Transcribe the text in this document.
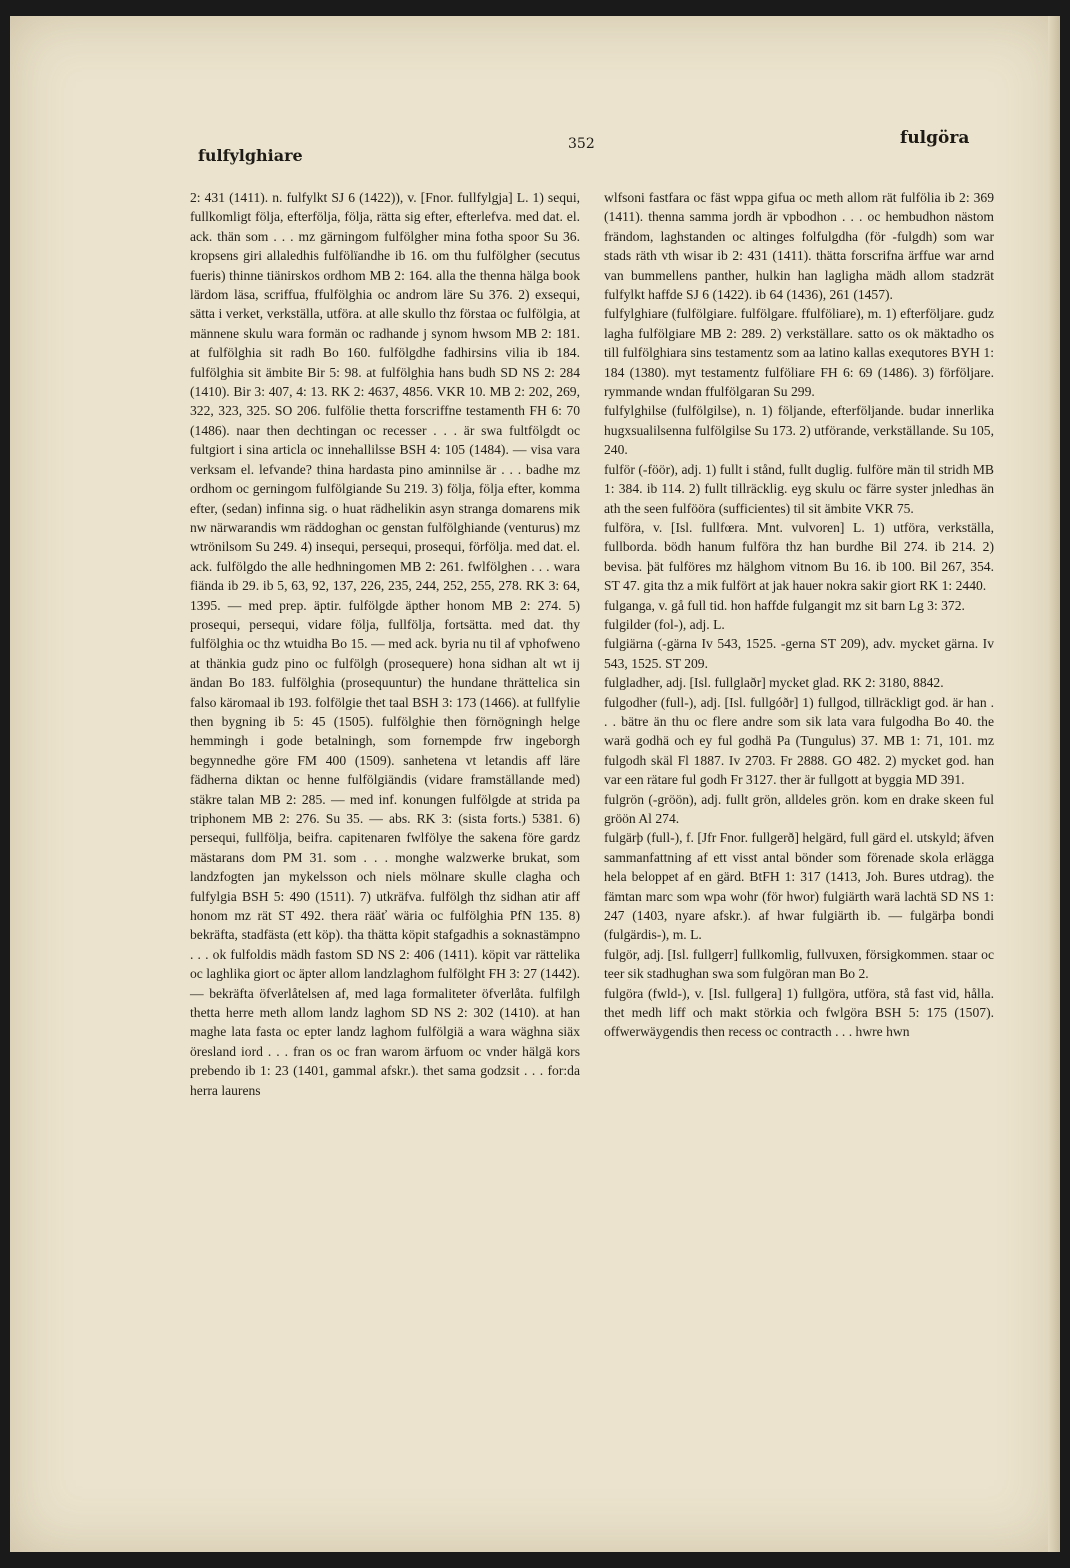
fulfylghiare
352	fulgöra

2: 431 (1411). n. fulfylkt SJ 6 (1422)), v. [Fnor. fullfylgja] L. 1) sequi, fullkomligt följa, efterfölja, följa, rätta sig efter, efterlefva. med dat. el. ack. thän som . . . mz gärningom fulfölgher mina fotha spoor Su 36. kropsens giri allaledhis fulfölïandhe ib 16. om thu fulfölgher (secutus fueris) thinne tiänirskos ordhom MB 2: 164. alla the thenna hälga book lärdom läsa, scriffua, ffulfölghia oc androm läre Su 376. 2) exsequi, sätta i verket, verkställa, utföra. at alle skullo thz förstaa oc fulfölgia, at männene skulu wara formän oc radhande j synom hwsom MB 2: 181. at fulfölghia sit radh Bo 160. fulfölgdhe fadhirsins vilia ib 184. fulfölghia sit ämbite Bir 5: 98. at fulfölghia hans budh SD NS 2: 284 (1410). Bir 3: 407, 4: 13. RK 2: 4637, 4856. VKR 10. MB 2: 202, 269, 322, 323, 325. SO 206. fulfölie thetta forscriffne testamenth FH 6: 70 (1486). naar then dechtingan oc recesser . . . är swa fultfölgdt oc fultgiort i sina articla oc innehallilsse BSH 4: 105 (1484). — visa vara verksam el. lefvande? thina hardasta pino aminnilse är . . . badhe mz ordhom oc gerningom fulfölgiande Su 219. 3) följa, följa efter, komma efter, (sedan) infinna sig. o huat rädhelikin asyn stranga domarens mik nw närwarandis wm räddoghan oc genstan fulfölghiande (venturus) mz wtrönilsom Su 249. 4) insequi, persequi, prosequi, förfölja. med dat. el. ack. fulfölgdo the alle hedhningomen MB 2: 261. fwlfölghen . . . wara fiända ib 29. ib 5, 63, 92, 137, 226, 235, 244, 252, 255, 278. RK 3: 64, 1395. — med prep. äptir. fulfölgde äpther honom MB 2: 274. 5) prosequi, persequi, vidare följa, fullfölja, fortsätta. med dat. thy fulfölghia oc thz wtuidha Bo 15. — med ack. byria nu til af vphofweno at thänkia gudz pino oc fulfölgh (prosequere) hona sidhan alt wt ij ändan Bo 183. fulfölghia (prosequuntur) the hundane thrättelica sin falso käromaal ib 193. folfölgie thet taal BSH 3: 173 (1466). at fullfylie then bygning ib 5: 45 (1505). fulfölghie then förnögningh helge hemmingh i gode betalningh, som fornempde frw ingeborgh begynnedhe göre FM 400 (1509). sanhetena vt letandis aff läre fädherna diktan oc henne fulfölgiändis (vidare framställande med) stäkre talan MB 2: 285. — med inf. konungen fulfölgde at strida pa triphonem MB 2: 276. Su 35. — abs. RK 3: (sista forts.) 5381. 6) persequi, fullfölja, beifra. capitenaren fwlfölye the sakena före gardz mästarans dom PM 31. som . . . monghe walzwerke brukat, som landzfogten jan mykelsson och niels mölnare skulle clagha och fulfylgia BSH 5: 490 (1511). 7) utkräfva. fulfölgh thz sidhan atir aff honom mz rät ST 492. thera rääť wäria oc fulfölghia PfN 135. 8) bekräfta, stadfästa (ett köp). tha thätta köpit stafgadhis a soknastämpno . . . ok fulfoldis mädh fastom SD NS 2: 406 (1411). köpit var rättelika oc laghlika giort oc äpter allom landzlaghom fulfölght FH 3: 27 (1442). — bekräfta öfverlåtelsen af, med laga formaliteter öfverlåta. fulfilgh thetta herre meth allom landz laghom SD NS 2: 302 (1410). at han maghe lata fasta oc epter landz laghom fulfölgiä a wara wäghna siäx öresland iord . . . fran os oc fran warom ärfuom oc vnder hälgä kors prebendo ib 1: 23 (1401, gammal afskr.). thet sama godzsit . . . for:da herra laurens

wlfsoni fastfara oc fäst wppa gifua oc meth allom rät fulfölia ib 2: 369 (1411). thenna samma jordh är vpbodhon . . . oc hembudhon nästom frändom, laghstanden oc altinges folfulgdha (för -fulgdh) som war stads räth vth wisar ib 2: 431 (1411). thätta forscrifna ärffue war arnd van bummellens panther, hulkin han lagligha mädh allom stadzrät fulfylkt haffde SJ 6 (1422). ib 64 (1436), 261 (1457).

fulfylghiare (fulfölgiare. fulfölgare. ffulföliare), m. 1) efterföljare. gudz lagha fulfölgiare MB 2: 289. 2) verkställare. satto os ok mäktadho os till fulfölghiara sins testamentz som aa latino kallas exequtores BYH 1: 184 (1380). myt testamentz fulföliare FH 6: 69 (1486). 3) förföljare. rymmande wndan ffulfölgaran Su 299.

fulfylghilse (fulfölgilse), n. 1) följande, efterföljande. budar innerlika hugxsualilsenna fulfölgilse Su 173. 2) utförande, verkställande. Su 105, 240.

fulför (-föör), adj. 1) fullt i stånd, fullt duglig. fulföre män til stridh MB 1: 384. ib 114. 2) fullt tillräcklig. eyg skulu oc färre syster jnledhas än ath the seen fulfööra (sufficientes) til sit ämbite VKR 75.

fulföra, v. [Isl. fullfœra. Mnt. vulvoren] L. 1) utföra, verkställa, fullborda. bödh hanum fulföra thz han burdhe Bil 274. ib 214. 2) bevisa. þät fulföres mz hälghom vitnom Bu 16. ib 100. Bil 267, 354. ST 47. gita thz a mik fulfört at jak hauer nokra sakir giort RK 1: 2440.

fulganga, v. gå full tid. hon haffde fulgangit mz sit barn Lg 3: 372.

fulgilder (fol-), adj. L.

fulgiärna (-gärna Iv 543, 1525. -gerna ST 209), adv. mycket gärna. Iv 543, 1525. ST 209.

fulgladher, adj. [Isl. fullglaðr] mycket glad. RK 2: 3180, 8842.

fulgodher (full-), adj. [Isl. fullgóðr] 1) fullgod, tillräckligt god. är han . . . bätre än thu oc flere andre som sik lata vara fulgodha Bo 40. the warä godhä och ey ful godhä Pa (Tungulus) 37. MB 1: 71, 101. mz fulgodh skäl Fl 1887. Iv 2703. Fr 2888. GO 482. 2) mycket god. han var een rätare ful godh Fr 3127. ther är fullgott at byggia MD 391.

fulgrön (-gröön), adj. fullt grön, alldeles grön. kom en drake skeen ful gröön Al 274.

fulgärþ (full-), f. [Jfr Fnor. fullgerð] helgärd, full gärd el. utskyld; äfven sammanfattning af ett visst antal bönder som förenade skola erlägga hela beloppet af en gärd. BtFH 1: 317 (1413, Joh. Bures utdrag). the fämtan marc som wpa wohr (för hwor) fulgiärth warä lachtä SD NS 1: 247 (1403, nyare afskr.). af hwar fulgiärth ib. — fulgärþa bondi (fulgärdis-), m. L.

fulgör, adj. [Isl. fullgerr] fullkomlig, fullvuxen, försigkommen. staar oc teer sik stadhughan swa som fulgöran man Bo 2.

fulgöra (fwld-), v. [Isl. fullgera] 1) fullgöra, utföra, stå fast vid, hålla. thet medh liff och makt störkia och fwlgöra BSH 5: 175 (1507). offwerwäygendis then recess oc contracth . . . hwre hwn
